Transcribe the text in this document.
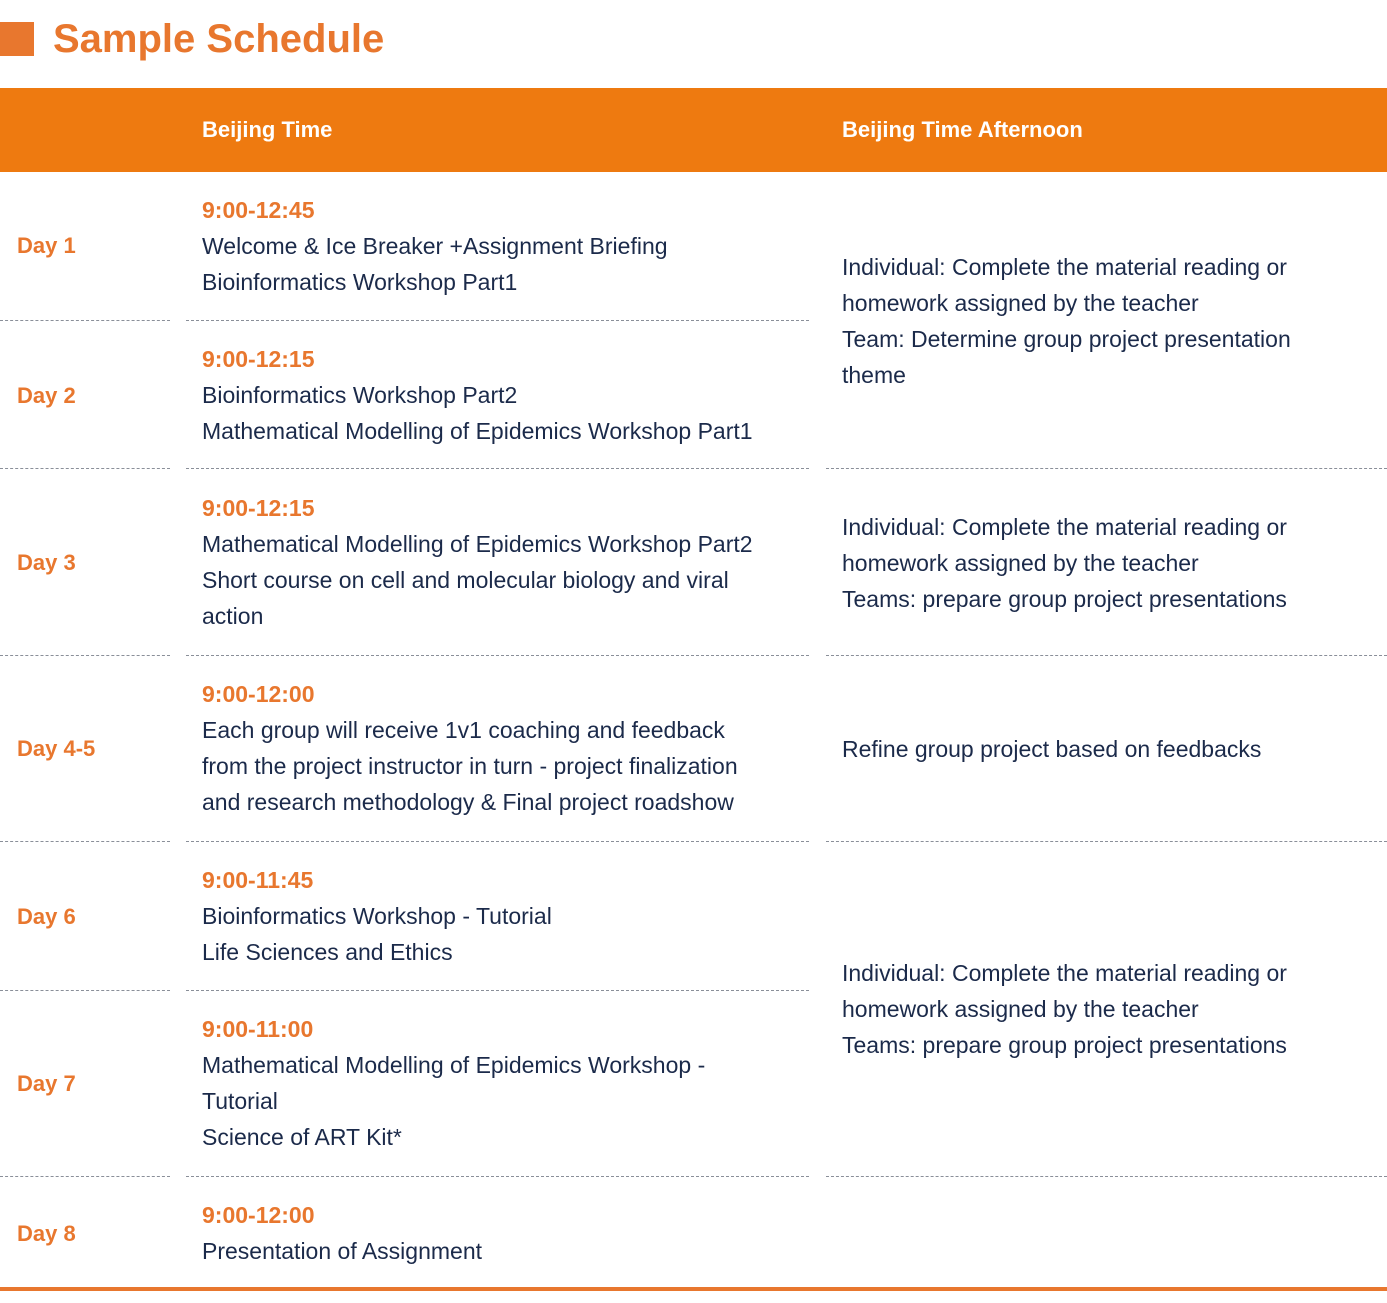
Sample Schedule
Beijing Time	Beijing Time Afternoon
Day 1
Day 2
Day 3
Day 4-5
Day 6
Day 7
Day 8
9:00-12:45
Welcome & Ice Breaker +Assignment Briefing
Bioinformatics Workshop Part1
9:00-12:15
Bioinformatics Workshop Part2
Mathematical Modelling of Epidemics Workshop Part1
9:00-12:15
Mathematical Modelling of Epidemics Workshop Part2
Short course on cell and molecular biology and viral
action
9:00-12:00
Each group will receive 1v1 coaching and feedback
from the project instructor in turn - project finalization
and research methodology & Final project roadshow
9:00-11:45
Bioinformatics Workshop - Tutorial
Life Sciences and Ethics
9:00-11:00
Mathematical Modelling of Epidemics Workshop -
Tutorial
Science of ART Kit*
9:00-12:00
Presentation of Assignment
Individual: Complete the material reading or
homework assigned by the teacher
Team: Determine group project presentation
theme
Individual: Complete the material reading or
homework assigned by the teacher
Teams: prepare group project presentations
Refine group project based on feedbacks
Individual: Complete the material reading or
homework assigned by the teacher
Teams: prepare group project presentations
